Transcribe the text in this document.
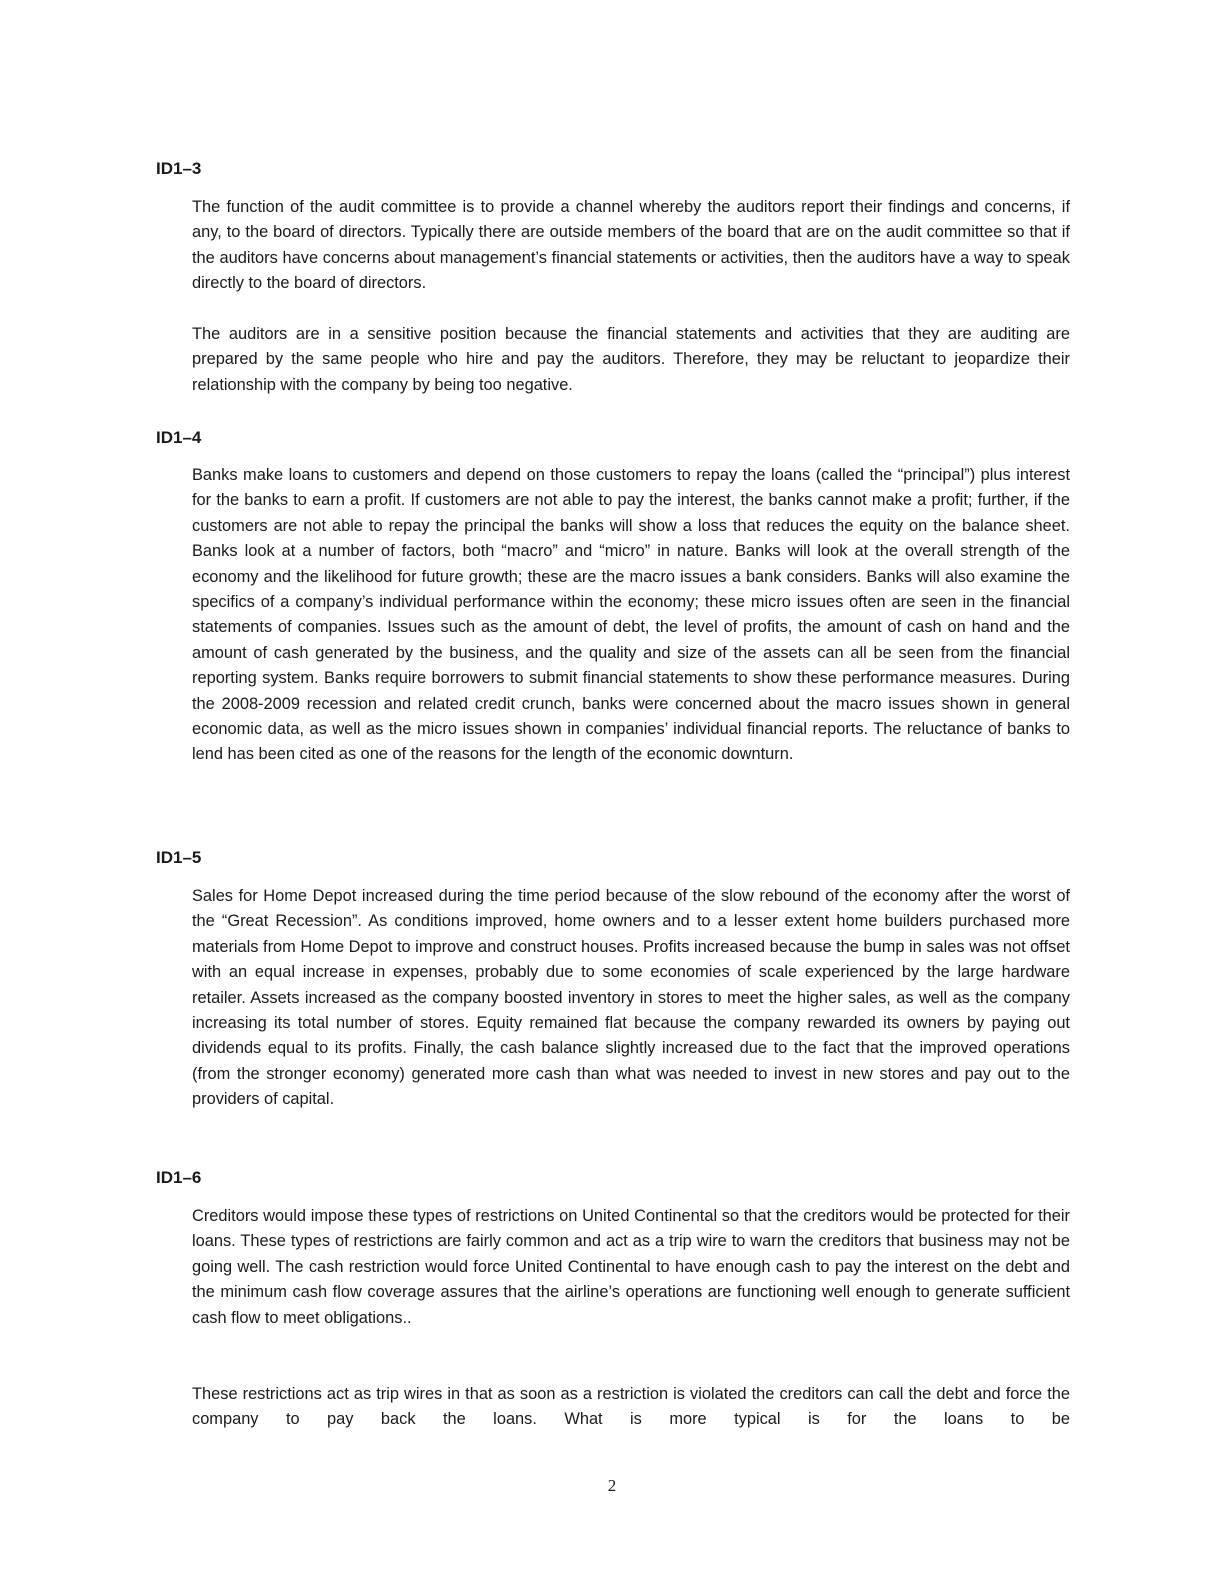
ID1–3

The function of the audit committee is to provide a channel whereby the auditors report their findings and concerns, if any, to the board of directors. Typically there are outside members of the board that are on the audit committee so that if the auditors have concerns about management’s financial statements or activities, then the auditors have a way to speak directly to the board of directors.

The auditors are in a sensitive position because the financial statements and activities that they are auditing are prepared by the same people who hire and pay the auditors. Therefore, they may be reluctant to jeopardize their relationship with the company by being too negative.

ID1–4

Banks make loans to customers and depend on those customers to repay the loans (called the “principal”) plus interest for the banks to earn a profit. If customers are not able to pay the interest, the banks cannot make a profit; further, if the customers are not able to repay the principal the banks will show a loss that reduces the equity on the balance sheet. Banks look at a number of factors, both “macro” and “micro” in nature. Banks will look at the overall strength of the economy and the likelihood for future growth; these are the macro issues a bank considers. Banks will also examine the specifics of a company’s individual performance within the economy; these micro issues often are seen in the financial statements of companies. Issues such as the amount of debt, the level of profits, the amount of cash on hand and the amount of cash generated by the business, and the quality and size of the assets can all be seen from the financial reporting system. Banks require borrowers to submit financial statements to show these performance measures. During the 2008-2009 recession and related credit crunch, banks were concerned about the macro issues shown in general economic data, as well as the micro issues shown in companies’ individual financial reports. The reluctance of banks to lend has been cited as one of the reasons for the length of the economic downturn.

ID1–5

Sales for Home Depot increased during the time period because of the slow rebound of the economy after the worst of the “Great Recession”. As conditions improved, home owners and to a lesser extent home builders purchased more materials from Home Depot to improve and construct houses. Profits increased because the bump in sales was not offset with an equal increase in expenses, probably due to some economies of scale experienced by the large hardware retailer. Assets increased as the company boosted inventory in stores to meet the higher sales, as well as the company increasing its total number of stores. Equity remained flat because the company rewarded its owners by paying out dividends equal to its profits. Finally, the cash balance slightly increased due to the fact that the improved operations (from the stronger economy) generated more cash than what was needed to invest in new stores and pay out to the providers of capital.

ID1–6

Creditors would impose these types of restrictions on United Continental so that the creditors would be protected for their loans. These types of restrictions are fairly common and act as a trip wire to warn the creditors that business may not be going well. The cash restriction would force United Continental to have enough cash to pay the interest on the debt and the minimum cash flow coverage assures that the airline’s operations are functioning well enough to generate sufficient cash flow to meet obligations..

These restrictions act as trip wires in that as soon as a restriction is violated the creditors can call the debt and force the company to pay back the loans. What is more typical is for the loans to be

2
